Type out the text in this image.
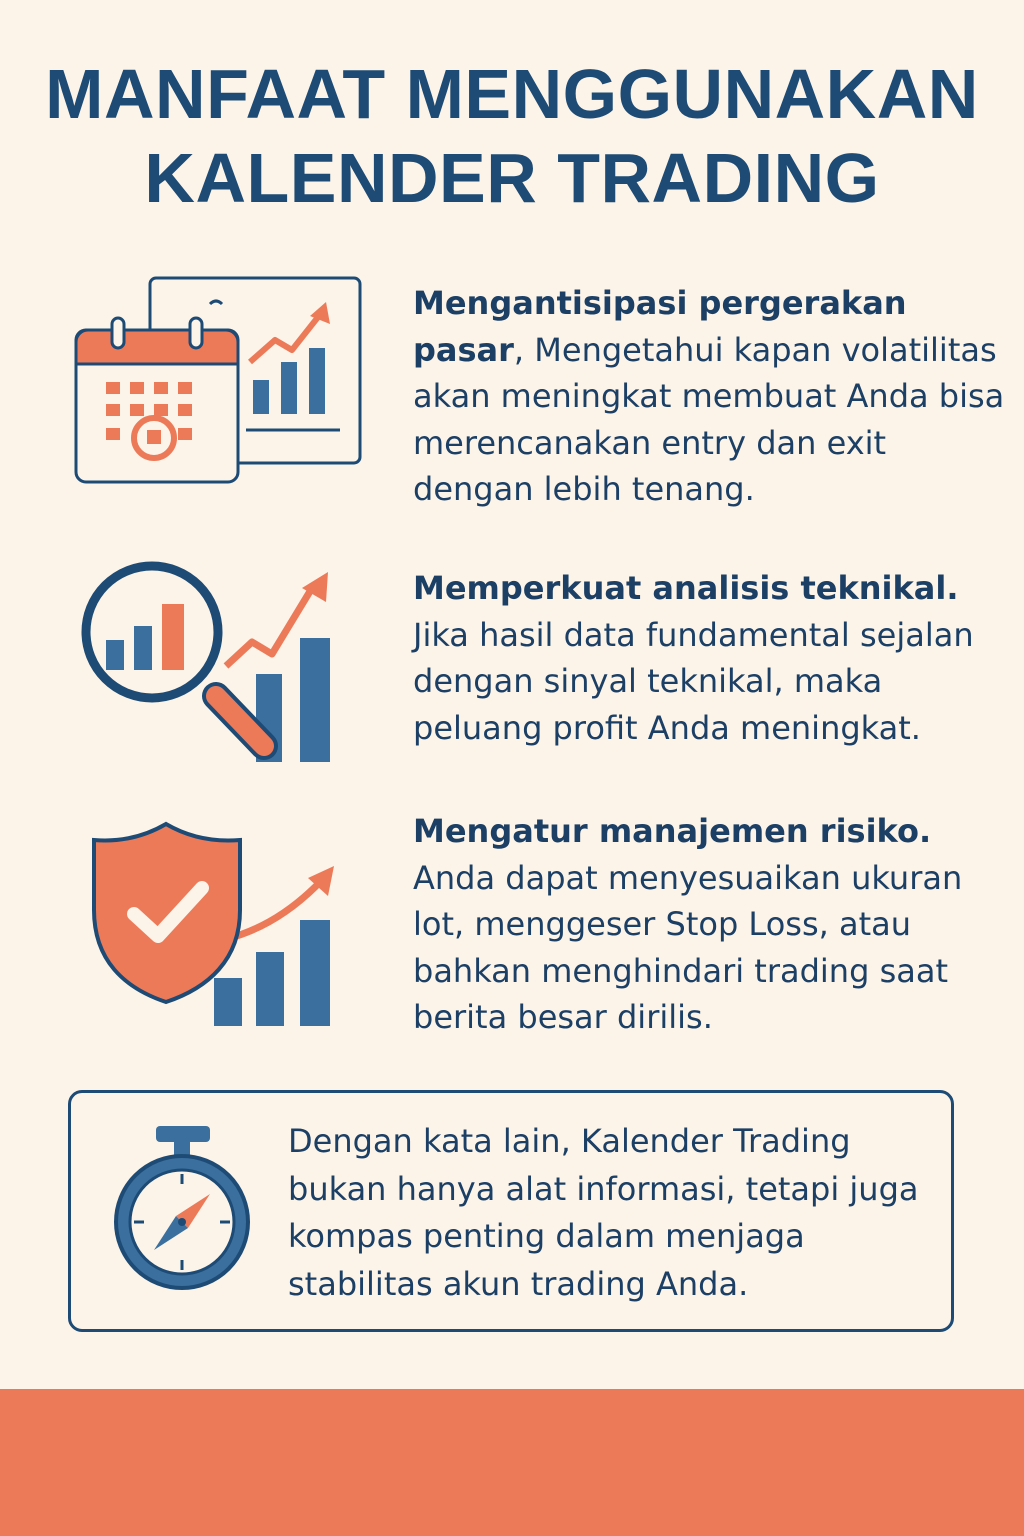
MANFAAT MENGGUNAKAN
KALENDER TRADING

Mengantisipasi pergerakan pasar, Mengetahui kapan volatilitas akan meningkat membuat Anda bisa merencanakan entry dan exit dengan lebih tenang.

Memperkuat analisis teknikal. Jika hasil data fundamental sejalan dengan sinyal teknikal, maka peluang profit Anda meningkat.

Mengatur manajemen risiko. Anda dapat menyesuaikan ukuran lot, menggeser Stop Loss, atau bahkan menghindari trading saat berita besar dirilis.

Dengan kata lain, Kalender Trading bukan hanya alat informasi, tetapi juga kompas penting dalam menjaga stabilitas akun trading Anda.
